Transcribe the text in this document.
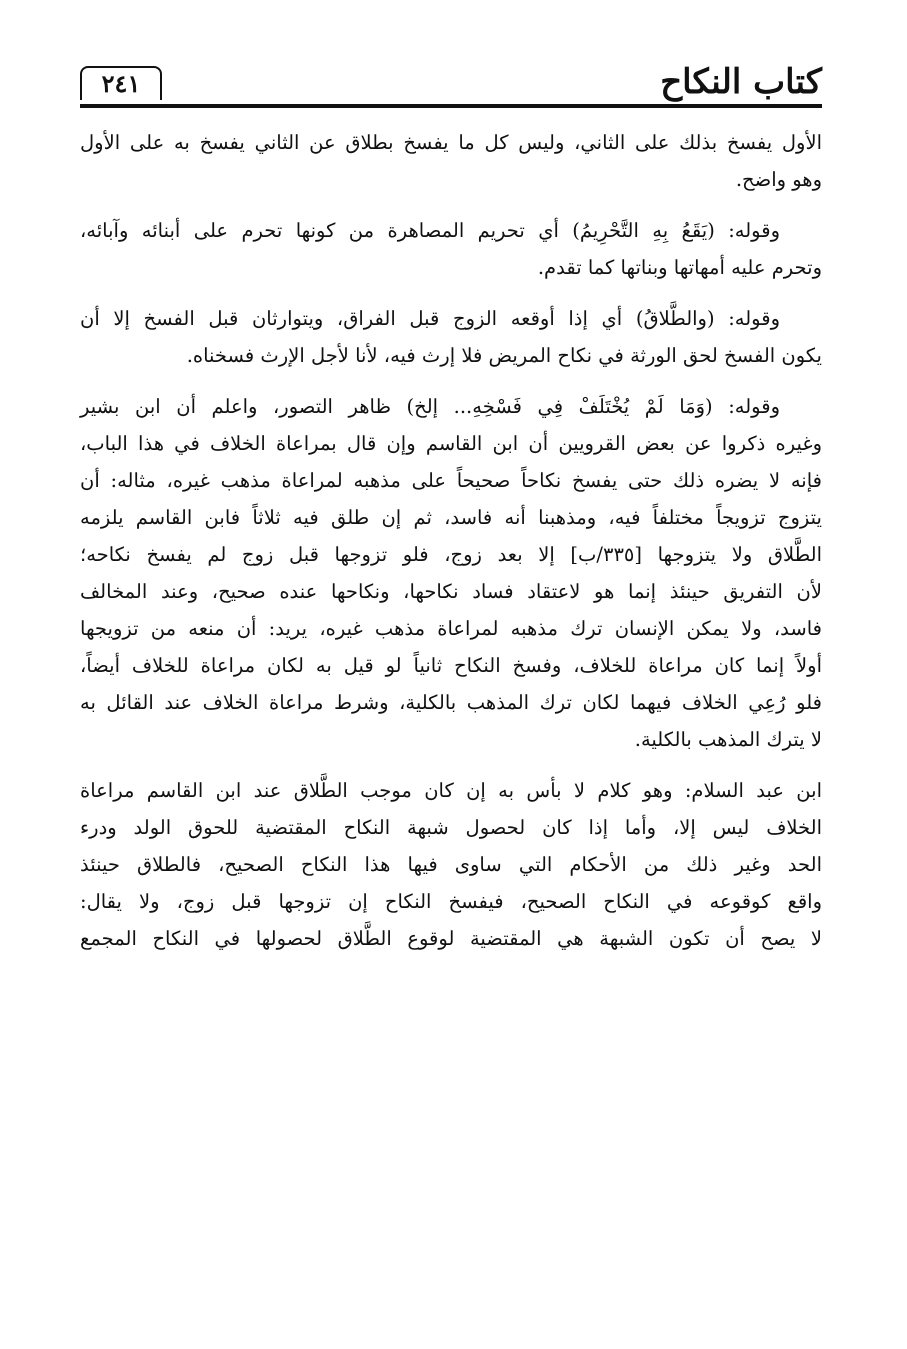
٢٤١	كتاب النكاح
الأول يفسخ بذلك على الثاني، وليس كل ما يفسخ بطلاق عن الثاني يفسخ به على الأول
وهو واضح.
وقوله: (يَقَعُ بِهِ التَّحْرِيمُ) أي تحريم المصاهرة من كونها تحرم على أبنائه وآبائه،
وتحرم عليه أمهاتها وبناتها كما تقدم.
وقوله: (والطَّلاقُ) أي إذا أوقعه الزوج قبل الفراق، ويتوارثان قبل الفسخ إلا أن
يكون الفسخ لحق الورثة في نكاح المريض فلا إرث فيه، لأنا لأجل الإرث فسخناه.
وقوله: (وَمَا لَمْ يُخْتَلَفْ فِي فَسْخِهِ... إلخ) ظاهر التصور، واعلم أن ابن بشير
وغيره ذكروا عن بعض القرويين أن ابن القاسم وإن قال بمراعاة الخلاف في هذا الباب،
فإنه لا يضره ذلك حتى يفسخ نكاحاً صحيحاً على مذهبه لمراعاة مذهب غيره، مثاله: أن
يتزوج تزويجاً مختلفاً فيه، ومذهبنا أنه فاسد، ثم إن طلق فيه ثلاثاً فابن القاسم يلزمه
الطَّلاق ولا يتزوجها [٣٣٥/ب] إلا بعد زوج، فلو تزوجها قبل زوج لم يفسخ نكاحه؛
لأن التفريق حينئذ إنما هو لاعتقاد فساد نكاحها، ونكاحها عنده صحيح، وعند المخالف
فاسد، ولا يمكن الإنسان ترك مذهبه لمراعاة مذهب غيره، يريد: أن منعه من تزويجها
أولاً إنما كان مراعاة للخلاف، وفسخ النكاح ثانياً لو قيل به لكان مراعاة للخلاف أيضاً،
فلو رُعِي الخلاف فيهما لكان ترك المذهب بالكلية، وشرط مراعاة الخلاف عند القائل به
لا يترك المذهب بالكلية.
ابن عبد السلام: وهو كلام لا بأس به إن كان موجب الطَّلاق عند ابن القاسم مراعاة
الخلاف ليس إلا، وأما إذا كان لحصول شبهة النكاح المقتضية للحوق الولد ودرء
الحد وغير ذلك من الأحكام التي ساوى فيها هذا النكاح الصحيح، فالطلاق حينئذ
واقع كوقوعه في النكاح الصحيح، فيفسخ النكاح إن تزوجها قبل زوج، ولا يقال:
لا يصح أن تكون الشبهة هي المقتضية لوقوع الطَّلاق لحصولها في النكاح المجمع
